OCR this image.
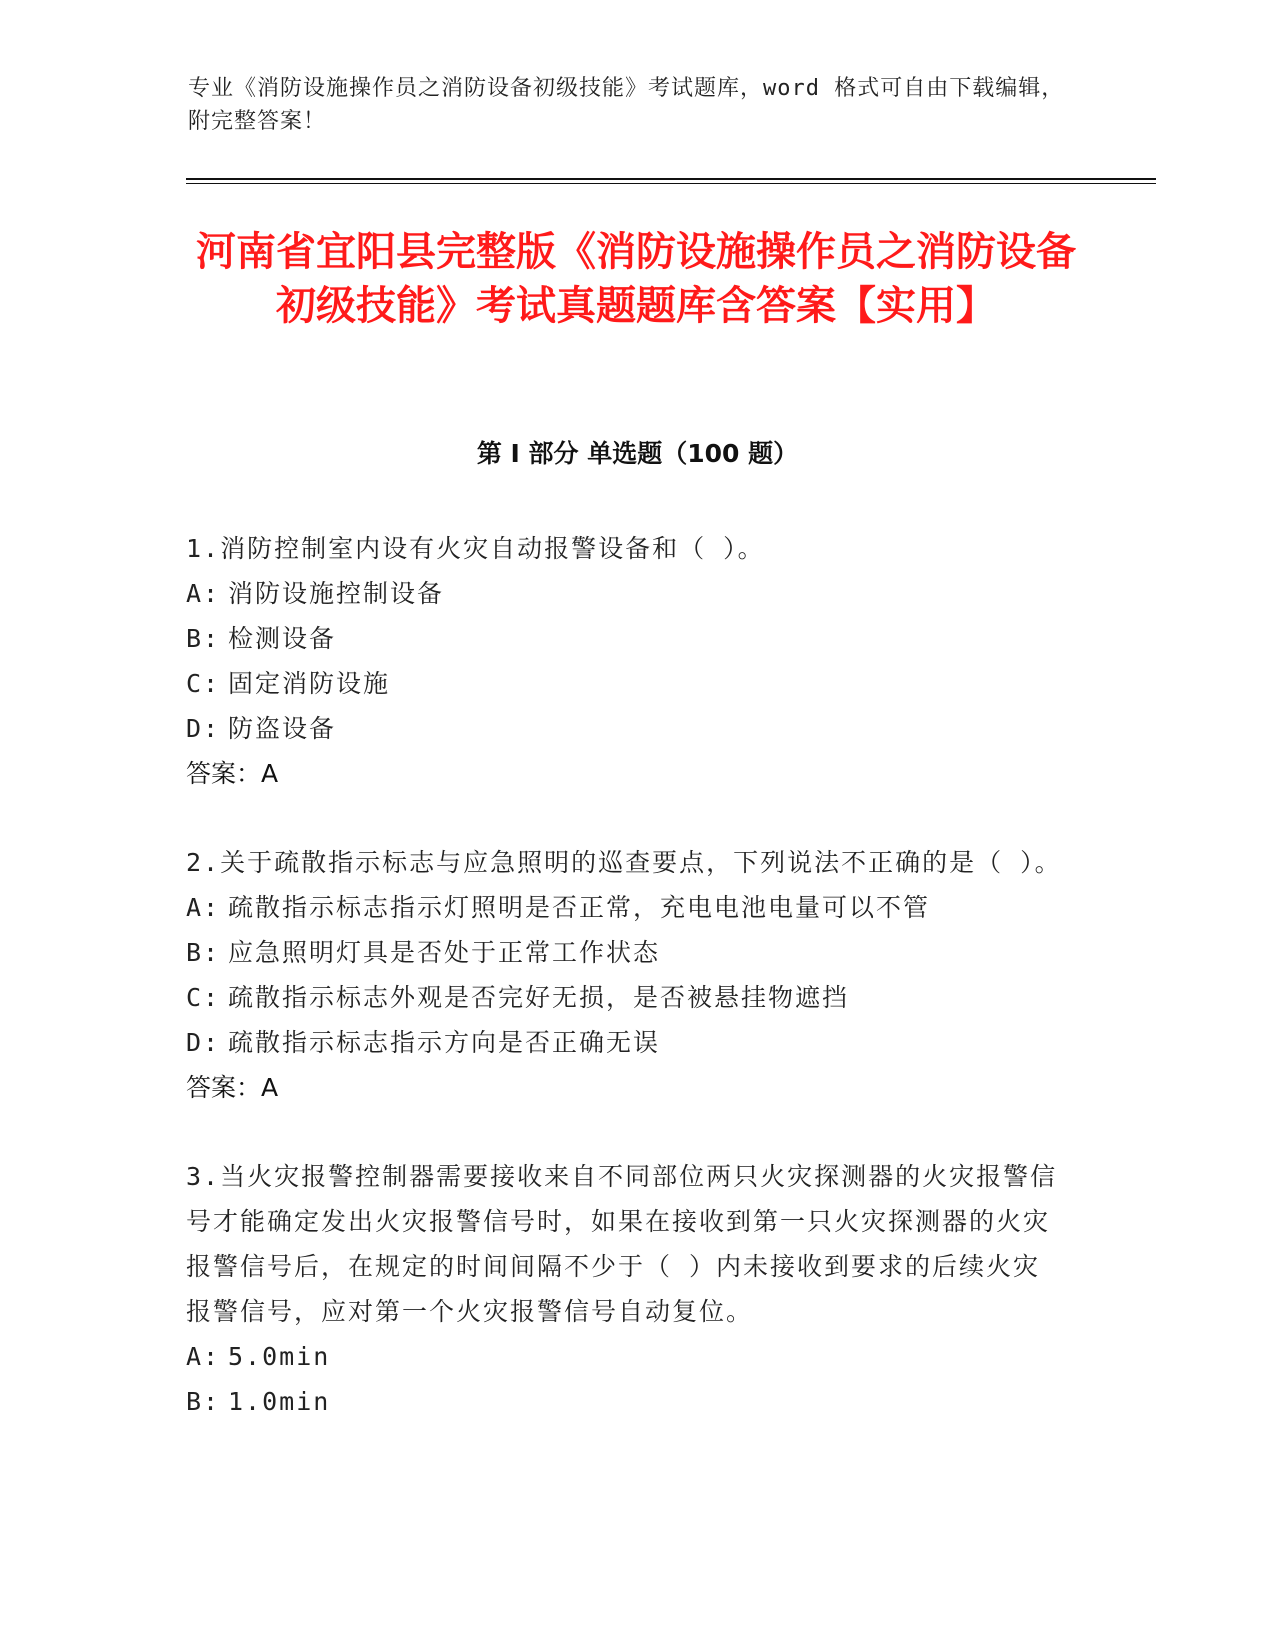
专业《消防设施操作员之消防设备初级技能》考试题库，word 格式可自由下载编辑，附完整答案！
河南省宜阳县完整版《消防设施操作员之消防设备初级技能》考试真题题库含答案【实用】
第 I 部分 单选题（100 题）
1.消防控制室内设有火灾自动报警设备和（ ）。
A: 消防设施控制设备
B: 检测设备
C: 固定消防设施
D: 防盗设备
答案：A
2.关于疏散指示标志与应急照明的巡查要点，下列说法不正确的是（ ）。
A: 疏散指示标志指示灯照明是否正常，充电电池电量可以不管
B: 应急照明灯具是否处于正常工作状态
C: 疏散指示标志外观是否完好无损，是否被悬挂物遮挡
D: 疏散指示标志指示方向是否正确无误
答案：A
3.当火灾报警控制器需要接收来自不同部位两只火灾探测器的火灾报警信号才能确定发出火灾报警信号时，如果在接收到第一只火灾探测器的火灾报警信号后，在规定的时间间隔不少于（ ）内未接收到要求的后续火灾报警信号，应对第一个火灾报警信号自动复位。
A: 5.0min
B: 1.0min
